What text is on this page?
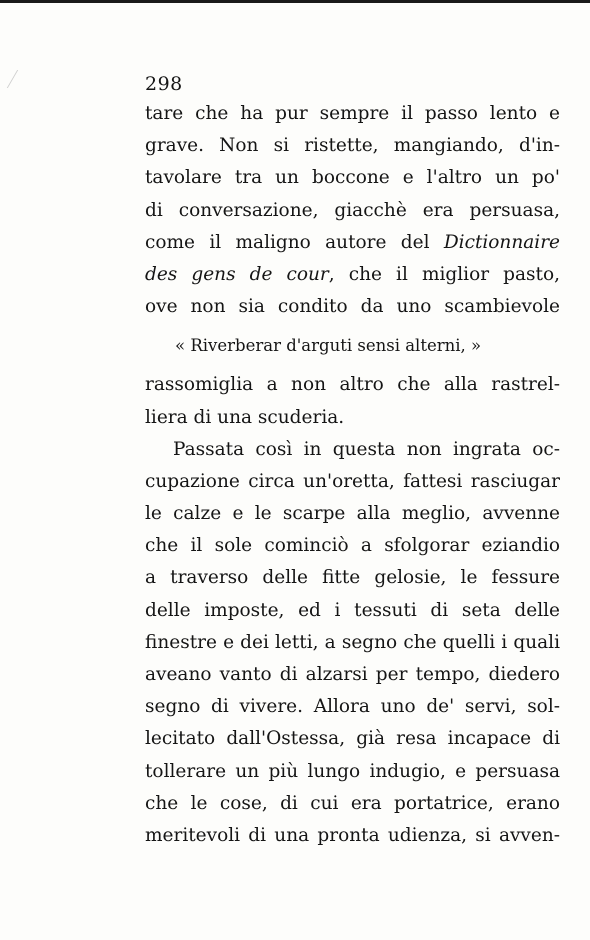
298
tare che ha pur sempre il passo lento e
grave. Non si ristette, mangiando, d'in-
tavolare tra un boccone e l'altro un po'
di conversazione, giacchè era persuasa,
come il maligno autore del Dictionnaire
des gens de cour, che il miglior pasto,
ove non sia condito da uno scambievole
« Riverberar d'arguti sensi alterni, »
rassomiglia a non altro che alla rastrel-
liera di una scuderia.
Passata così in questa non ingrata oc-
cupazione circa un'oretta, fattesi rasciugar
le calze e le scarpe alla meglio, avvenne
che il sole cominciò a sfolgorar eziandio
a traverso delle fitte gelosie, le fessure
delle imposte, ed i tessuti di seta delle
finestre e dei letti, a segno che quelli i quali
aveano vanto di alzarsi per tempo, diedero
segno di vivere. Allora uno de' servi, sol-
lecitato dall'Ostessa, già resa incapace di
tollerare un più lungo indugio, e persuasa
che le cose, di cui era portatrice, erano
meritevoli di una pronta udienza, si avven-
